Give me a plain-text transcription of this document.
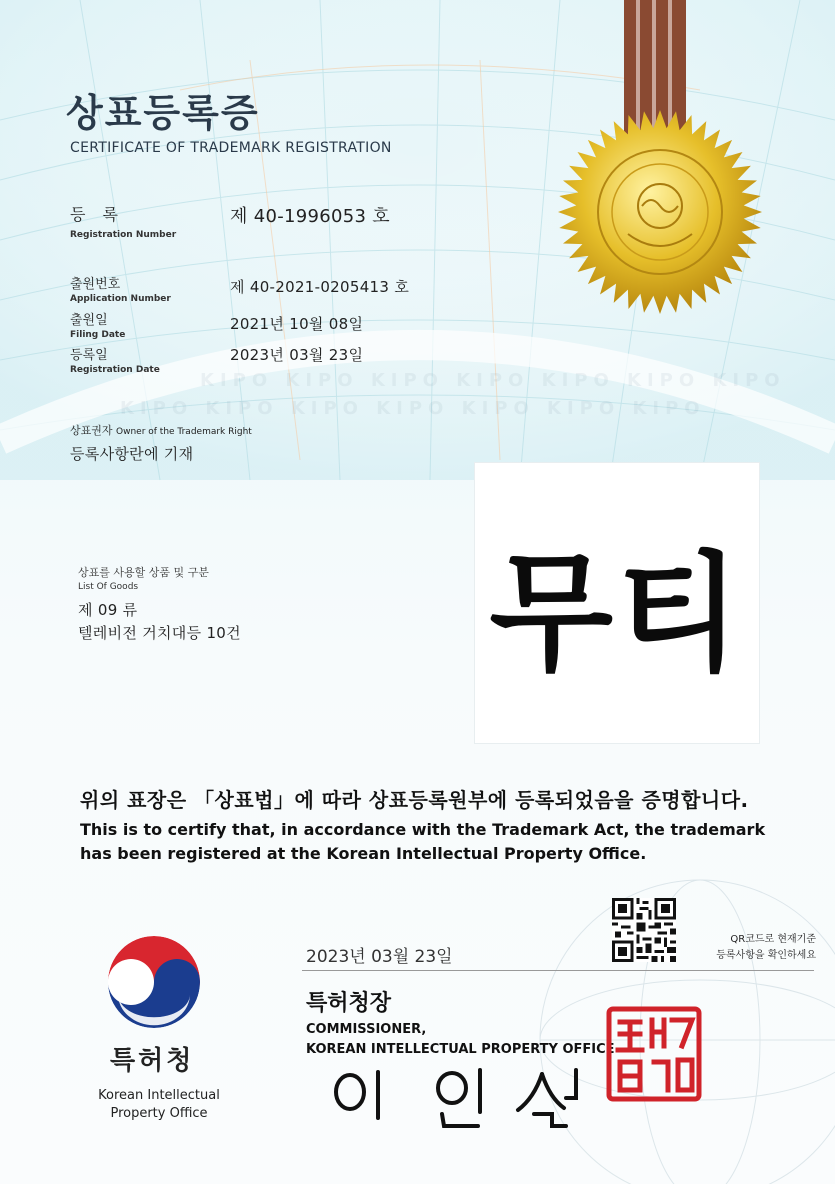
상표등록증
CERTIFICATE OF TRADEMARK REGISTRATION
등 록
Registration Number
제 40-1996053 호
출원번호
Application Number
제 40-2021-0205413 호
출원일
Filing Date
2021년 10월 08일
등록일
Registration Date
2023년 03월 23일
KIPO KIPO KIPO KIPO KIPO KIPO KIPO
KIPO KIPO KIPO KIPO KIPO KIPO KIPO
상표권자 Owner of the Trademark Right
등록사항란에 기재
상표를 사용할 상품 및 구분
List Of Goods
제 09 류
텔레비전 거치대등 10건 무티
위의 표장은 「상표법」에 따라 상표등록원부에 등록되었음을 증명합니다.
This is to certify that, in accordance with the Trademark Act, the trademark
has been registered at the Korean Intellectual Property Office.
QR코드로 현재기준
등록사항을 확인하세요
2023년 03월 23일
특허청장
COMMISSIONER,
KOREAN INTELLECTUAL PROPERTY OFFICE
특허청
Korean Intellectual
Property Office
